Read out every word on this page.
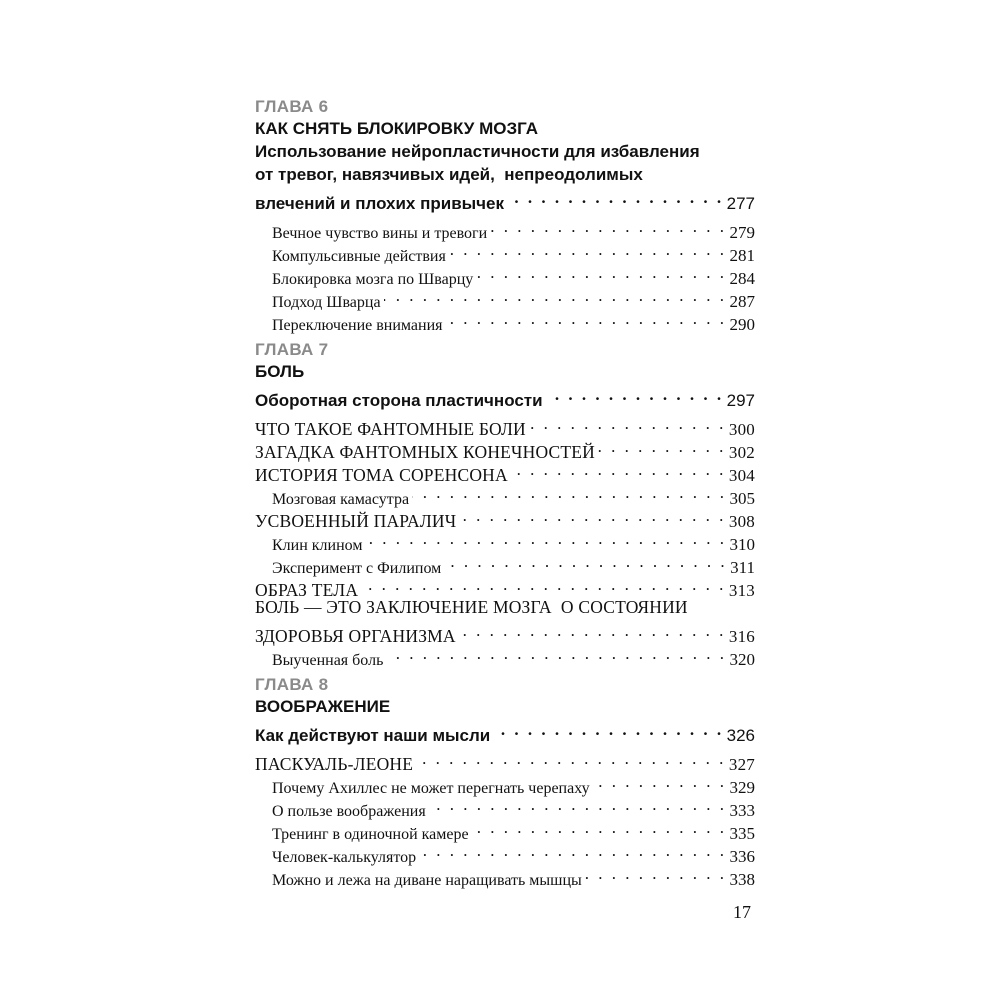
ГЛАВА 6
КАК СНЯТЬ БЛОКИРОВКУ МОЗГА
Использование нейропластичности для избавления
от тревог, навязчивых идей,  непреодолимых
влечений и плохих привычек . . .	277
Вечное чувство вины и тревоги . . .	279
Компульсивные действия . . .	281
Блокировка мозга по Шварцу . . .	284
Подход Шварца . . .	287
Переключение внимания . . .	290
ГЛАВА 7
БОЛЬ
Оборотная сторона пластичности . . .	297
ЧТО ТАКОЕ ФАНТОМНЫЕ БОЛИ . . .	300
ЗАГАДКА ФАНТОМНЫХ КОНЕЧНОСТЕЙ . . .	302
ИСТОРИЯ ТОМА СОРЕНСОНА . . .	304
Мозговая камасутра . . .	305
УСВОЕННЫЙ ПАРАЛИЧ . . .	308
Клин клином . . .	310
Эксперимент с Филипом . . .	311
ОБРАЗ ТЕЛА . . .	313
БОЛЬ — ЭТО ЗАКЛЮЧЕНИЕ МОЗГА  О СОСТОЯНИИ
ЗДОРОВЬЯ ОРГАНИЗМА . . .	316
Выученная боль . . .	320
ГЛАВА 8
ВООБРАЖЕНИЕ
Как действуют наши мысли . . .	326
ПАСКУАЛЬ-ЛЕОНЕ . . .	327
Почему Ахиллес не может перегнать черепаху . . .	329
О пользе воображения . . .	333
Тренинг в одиночной камере . . .	335
Человек-калькулятор . . .	336
Можно и лежа на диване наращивать мышцы . . .	338
17
